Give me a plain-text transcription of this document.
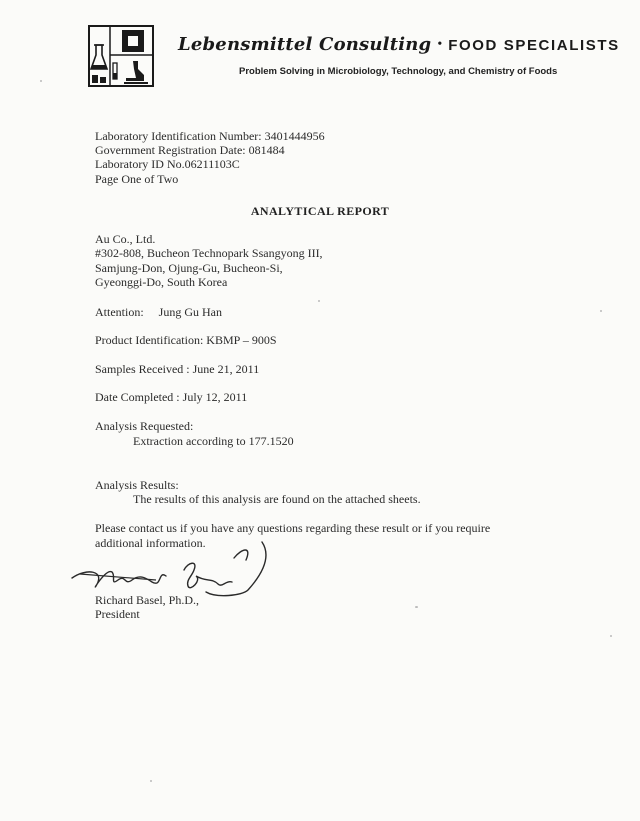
Lebensmittel Consulting • FOOD SPECIALISTS
Problem Solving in Microbiology, Technology, and Chemistry of Foods
Laboratory Identification Number: 3401444956
Government Registration Date: 081484
Laboratory ID No.06211103C
Page One of Two
ANALYTICAL REPORT
Au Co., Ltd.
#302-808, Bucheon Technopark Ssangyong III,
Samjung-Don, Ojung-Gu, Bucheon-Si,
Gyeonggi-Do, South Korea
Attention: Jung Gu Han
Product Identification: KBMP – 900S
Samples Received : June 21, 2011
Date Completed : July 12, 2011
Analysis Requested:
Extraction according to 177.1520
Analysis Results:
The results of this analysis are found on the attached sheets.
Please contact us if you have any questions regarding these result or if you require
additional information.
Richard Basel, Ph.D.,
President
